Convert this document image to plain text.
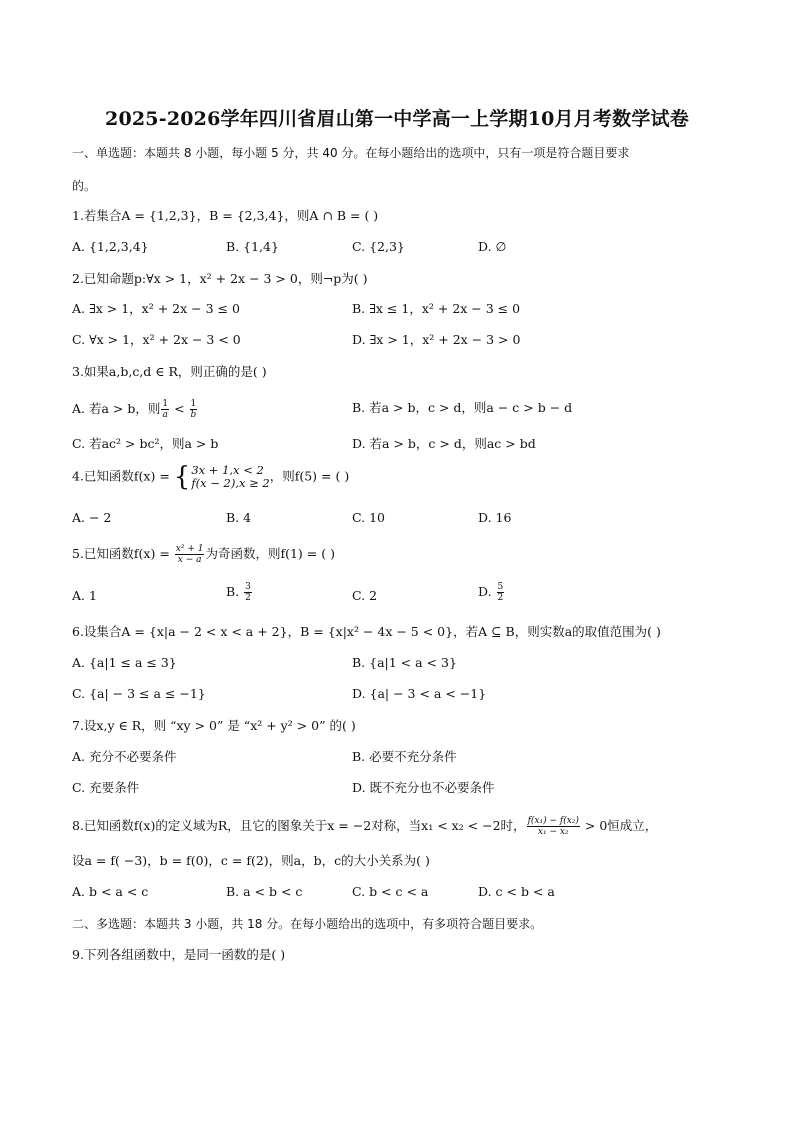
2025-2026学年四川省眉山第一中学高一上学期10月月考数学试卷
一、单选题：本题共 8 小题，每小题 5 分，共 40 分。在每小题给出的选项中，只有一项是符合题目要求
的。
1.若集合A = {1,2,3}，B = {2,3,4}，则A ∩ B = ( )
A. {1,2,3,4}	B. {1,4}	C. {2,3}	D. ∅
2.已知命题p:∀x > 1，x² + 2x − 3 > 0，则¬p为( )
A. ∃x > 1，x² + 2x − 3 ≤ 0	B. ∃x ≤ 1，x² + 2x − 3 ≤ 0
C. ∀x > 1，x² + 2x − 3 < 0	D. ∃x > 1，x² + 2x − 3 > 0
3.如果a,b,c,d ∈ R，则正确的是( )
A. 若a > b，则 $\frac{1}{a} < \frac{1}{b}$	B. 若a > b，c > d，则a − c > b − d
C. 若ac² > bc²，则a > b	D. 若a > b，c > d，则ac > bd
4.已知函数f(x) = { 3x + 1,x < 2
f(x − 2),x ≥ 2 ，则f(5) = ( )
A. − 2	B. 4	C. 10	D. 16
5.已知函数$f(x) = \frac{\text{x² + 1}}{x - a}$ 为奇函数，则f(1) = ( )
A. 1	B. $\frac{3}{2}$	C. 2	D. $\frac{5}{2}$
6.设集合A = {x|a − 2 < x < a + 2}，B = {x|x² − 4x − 5 < 0}，若A ⊆ B，则实数a的取值范围为( )
A. {a|1 ≤ a ≤ 3}	B. {a|1 < a < 3}
C. {a| − 3 ≤ a ≤ −1}	D. {a| − 3 < a < −1}
7.设x,y ∈ R，则 “xy > 0” 是 “x² + y² > 0” 的( )
A. 充分不必要条件	B. 必要不充分条件
C. 充要条件	D. 既不充分也不必要条件
8.已知函数f(x)的定义域为R，且它的图象关于x = −2对称，当x₁ < x₂ < −2时， $\frac{\text{f(x₁) − f(x₂)}}{\text{x₁ − x₂}} > 0$恒成立，
设a = f( −3)，b = f(0)，c = f(2)，则a，b，c的大小关系为( )
A. b < a < c	B. a < b < c	C. b < c < a	D. c < b < a
二、多选题：本题共 3 小题，共 18 分。在每小题给出的选项中，有多项符合题目要求。
9.下列各组函数中，是同一函数的是( )
